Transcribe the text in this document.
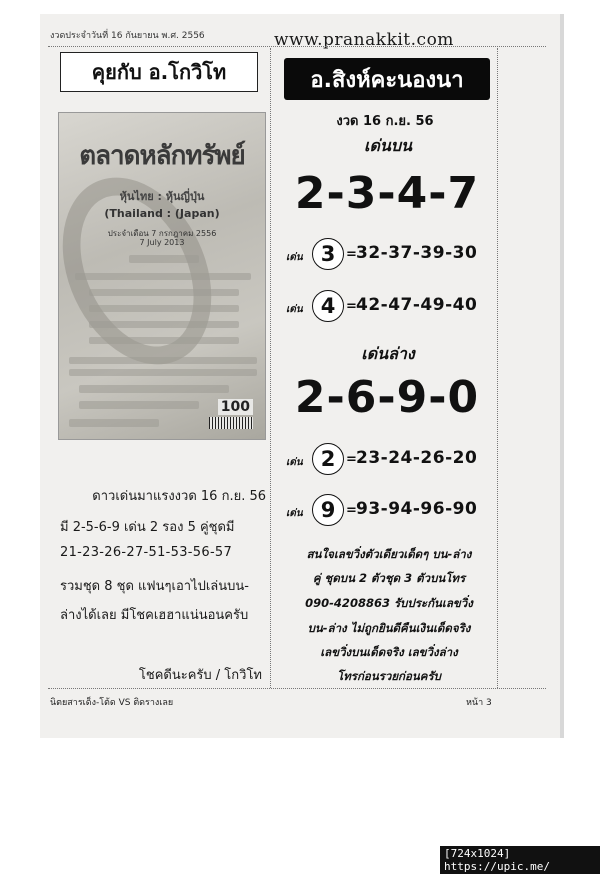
งวดประจำวันที่ 16 กันยายน พ.ศ. 2556	www.pranakkit.com
คุยกับ อ.โกวิโท
ตลาดหลักทรัพย์
หุ้นไทย : หุ้นญี่ปุ่น
(Thailand : (Japan)
ประจำเดือน 7 กรกฎาคม 2556
7 July 2013
100
ดาวเด่นมาแรงงวด 16 ก.ย. 56
มี 2-5-6-9 เด่น 2 รอง 5 คู่ชุดมี
21-23-26-27-51-53-56-57
รวมชุด 8 ชุด แฟนๆเอาไปเล่นบน-
ล่างได้เลย มีโชคเฮฮาแน่นอนครับ
โชคดีนะครับ / โกวิโท
อ.สิงห์คะนองนา
งวด 16 ก.ย. 56
เด่นบน
2-3-4-7
เด่น 3 = 32-37-39-30
เด่น 4 = 42-47-49-40
เด่นล่าง
2-6-9-0
เด่น 2 = 23-24-26-20
เด่น 9 = 93-94-96-90
สนใจเลขวิ่งตัวเดียวเด็ดๆ บน-ล่าง
คู่ ชุดบน 2 ตัวชุด 3 ตัวบนโทร
090-4208863 รับประกันเลขวิ่ง
บน-ล่าง ไม่ถูกยินดีคืนเงินเด็ดจริง
เลขวิ่งบนเด็ดจริง เลขวิ่งล่าง
โทรก่อนรวยก่อนครับ
นิตยสารเด็ง-โต้ด VS ติดรางเลย	หน้า 3
[724x1024] https://upic.me/
